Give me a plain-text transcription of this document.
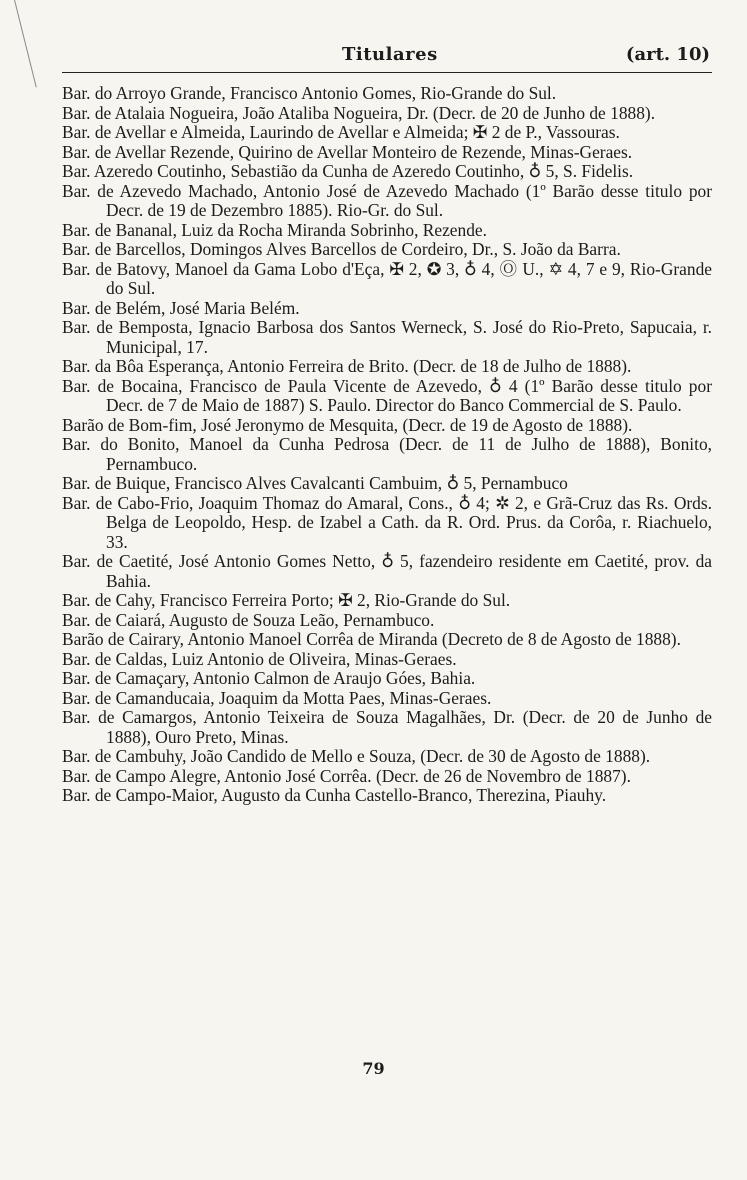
Titulares	(art. 10)

Bar. do Arroyo Grande, Francisco Antonio Gomes, Rio-Grande do Sul.

Bar. de Atalaia Nogueira, João Ataliba Nogueira, Dr. (Decr. de 20 de Junho de 1888).

Bar. de Avellar e Almeida, Laurindo de Avellar e Almeida; ✠ 2 de P., Vassouras.

Bar. de Avellar Rezende, Quirino de Avellar Monteiro de Rezende, Minas-Geraes.

Bar. Azeredo Coutinho, Sebastião da Cunha de Azeredo Coutinho, ♁ 5, S. Fidelis.

Bar. de Azevedo Machado, Antonio José de Azevedo Machado (1º Barão desse titulo por Decr. de 19 de Dezembro 1885). Rio-Gr. do Sul.

Bar. de Bananal, Luiz da Rocha Miranda Sobrinho, Rezende.

Bar. de Barcellos, Domingos Alves Barcellos de Cordeiro, Dr., S. João da Barra.

Bar. de Batovy, Manoel da Gama Lobo d'Eça, ✠ 2, ✪ 3, ♁ 4, Ⓞ U., ✡ 4, 7 e 9, Rio-Grande do Sul.

Bar. de Belém, José Maria Belém.

Bar. de Bemposta, Ignacio Barbosa dos Santos Werneck, S. José do Rio-Preto, Sapucaia, r. Municipal, 17.

Bar. da Bôa Esperança, Antonio Ferreira de Brito. (Decr. de 18 de Julho de 1888).

Bar. de Bocaina, Francisco de Paula Vicente de Azevedo, ♁ 4 (1º Barão desse titulo por Decr. de 7 de Maio de 1887) S. Paulo. Director do Banco Commercial de S. Paulo.

Barão de Bom-fim, José Jeronymo de Mesquita, (Decr. de 19 de Agosto de 1888).

Bar. do Bonito, Manoel da Cunha Pedrosa (Decr. de 11 de Julho de 1888), Bonito, Pernambuco.

Bar. de Buique, Francisco Alves Cavalcanti Cambuim, ♁ 5, Pernambuco

Bar. de Cabo-Frio, Joaquim Thomaz do Amaral, Cons., ♁ 4; ✲ 2, e Grã-Cruz das Rs. Ords. Belga de Leopoldo, Hesp. de Izabel a Cath. da R. Ord. Prus. da Corôa, r. Riachuelo, 33.

Bar. de Caetité, José Antonio Gomes Netto, ♁ 5, fazendeiro residente em Caetité, prov. da Bahia.

Bar. de Cahy, Francisco Ferreira Porto; ✠ 2, Rio-Grande do Sul.

Bar. de Caiará, Augusto de Souza Leão, Pernambuco.

Barão de Cairary, Antonio Manoel Corrêa de Miranda (Decreto de 8 de Agosto de 1888).

Bar. de Caldas, Luiz Antonio de Oliveira, Minas-Geraes.

Bar. de Camaçary, Antonio Calmon de Araujo Góes, Bahia.

Bar. de Camanducaia, Joaquim da Motta Paes, Minas-Geraes.

Bar. de Camargos, Antonio Teixeira de Souza Magalhães, Dr. (Decr. de 20 de Junho de 1888), Ouro Preto, Minas.

Bar. de Cambuhy, João Candido de Mello e Souza, (Decr. de 30 de Agosto de 1888).

Bar. de Campo Alegre, Antonio José Corrêa. (Decr. de 26 de Novembro de 1887).

Bar. de Campo-Maior, Augusto da Cunha Castello-Branco, Therezina, Piauhy.

79
